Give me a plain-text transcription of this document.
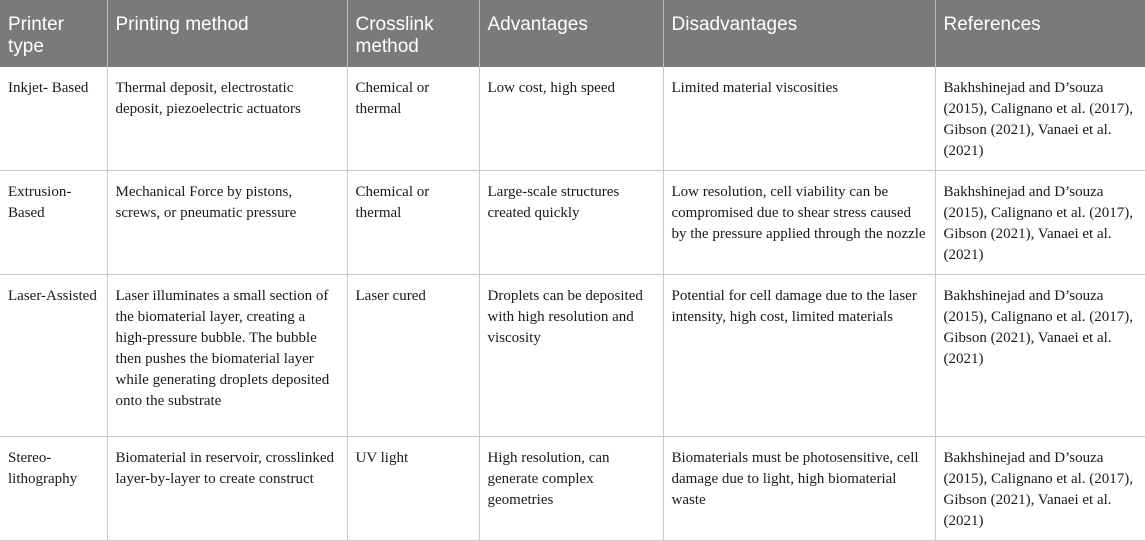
Printer type	Printing method	Crosslink method	Advantages	Disadvantages	References
Inkjet- Based	Thermal deposit, electrostatic deposit, piezoelectric actuators	Chemical or thermal	Low cost, high speed	Limited material viscosities	Bakhshinejad and D’souza (2015), Calignano et al. (2017), Gibson (2021), Vanaei et al. (2021)
Extrusion-Based	Mechanical Force by pistons, screws, or pneumatic pressure	Chemical or thermal	Large-scale structures created quickly	Low resolution, cell viability can be compromised due to shear stress caused by the pressure applied through the nozzle	Bakhshinejad and D’souza (2015), Calignano et al. (2017), Gibson (2021), Vanaei et al. (2021)
Laser-Assisted	Laser illuminates a small section of the biomaterial layer, creating a high-pressure bubble. The bubble then pushes the biomaterial layer while generating droplets deposited onto the substrate	Laser cured	Droplets can be deposited with high resolution and viscosity	Potential for cell damage due to the laser intensity, high cost, limited materials	Bakhshinejad and D’souza (2015), Calignano et al. (2017), Gibson (2021), Vanaei et al. (2021)
Stereo-lithography	Biomaterial in reservoir, crosslinked layer-by-layer to create construct	UV light	High resolution, can generate complex geometries	Biomaterials must be photosensitive, cell damage due to light, high biomaterial waste	Bakhshinejad and D’souza (2015), Calignano et al. (2017), Gibson (2021), Vanaei et al. (2021)
